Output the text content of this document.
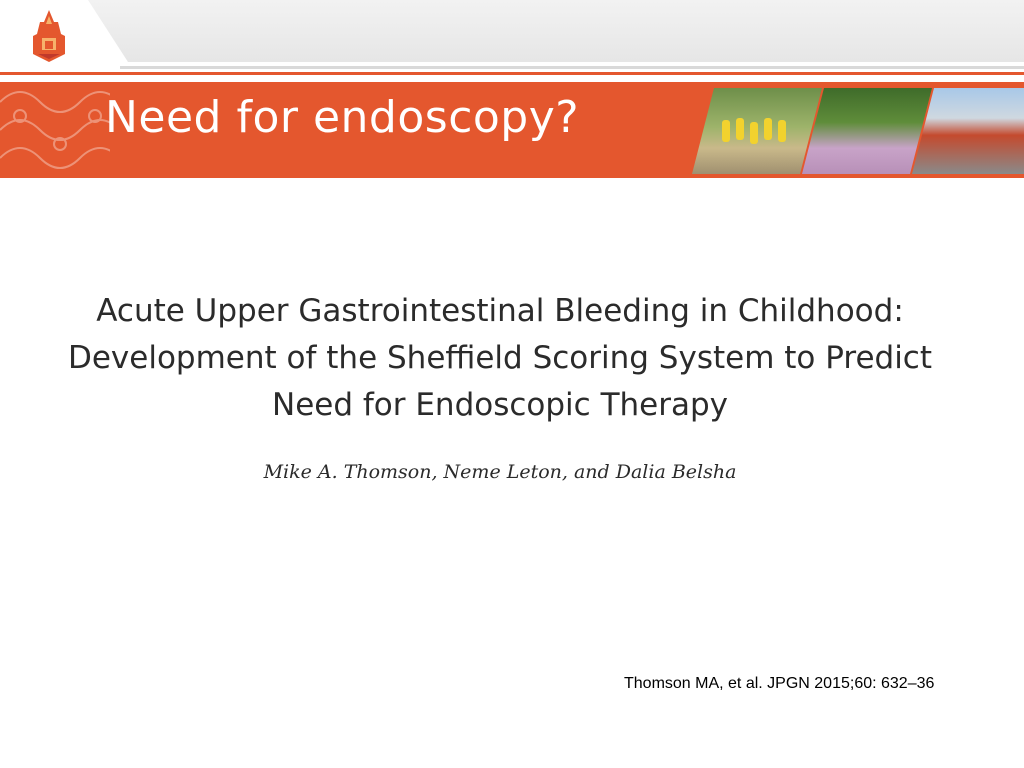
Need for endoscopy?
Acute Upper Gastrointestinal Bleeding in Childhood:
Development of the Sheffield Scoring System to Predict
Need for Endoscopic Therapy
Mike A. Thomson, Neme Leton, and Dalia Belsha
Thomson MA, et al. JPGN 2015;60: 632–36
